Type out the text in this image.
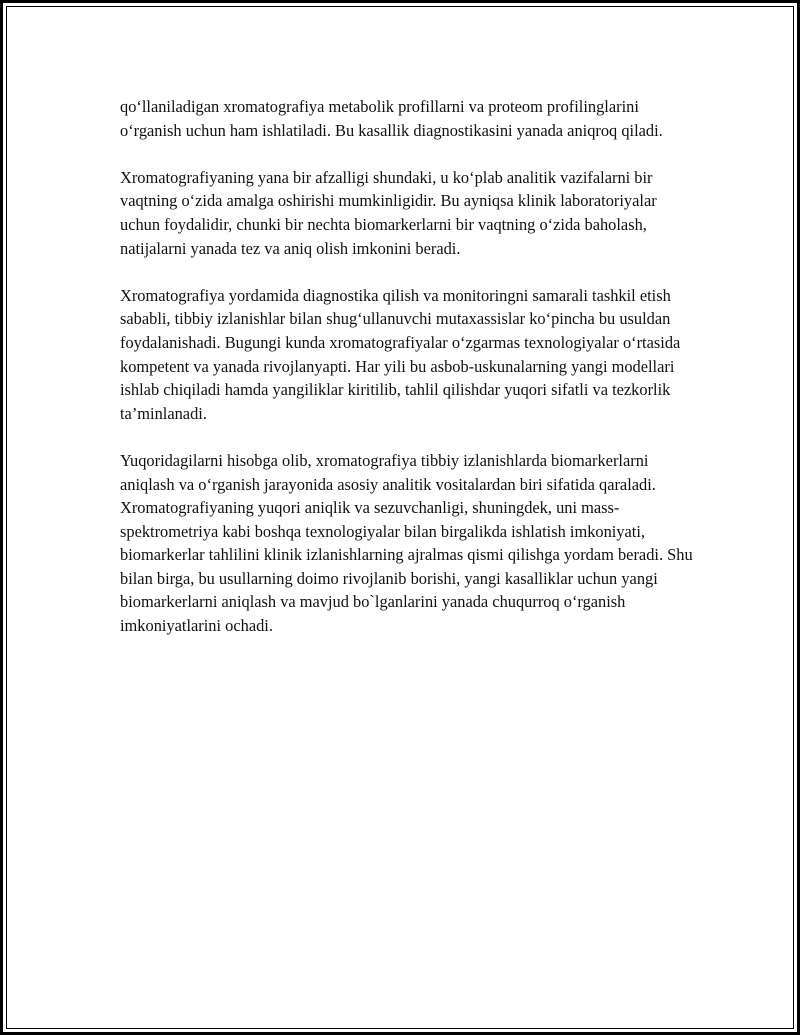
qo‘llaniladigan xromatografiya metabolik profillarni va proteom profilinglarini o‘rganish uchun ham ishlatiladi. Bu kasallik diagnostikasini yanada aniqroq qiladi.

Xromatografiyaning yana bir afzalligi shundaki, u ko‘plab analitik vazifalarni bir vaqtning o‘zida amalga oshirishi mumkinligidir. Bu ayniqsa klinik laboratoriyalar uchun foydalidir, chunki bir nechta biomarkerlarni bir vaqtning o‘zida baholash, natijalarni yanada tez va aniq olish imkonini beradi.

Xromatografiya yordamida diagnostika qilish va monitoringni samarali tashkil etish sababli, tibbiy izlanishlar bilan shug‘ullanuvchi mutaxassislar ko‘pincha bu usuldan foydalanishadi. Bugungi kunda xromatografiyalar o‘zgarmas texnologiyalar o‘rtasida kompetent va yanada rivojlanyapti. Har yili bu asbob-uskunalarning yangi modellari ishlab chiqiladi hamda yangiliklar kiritilib, tahlil qilishdar yuqori sifatli va tezkorlik ta’minlanadi.

Yuqoridagilarni hisobga olib, xromatografiya tibbiy izlanishlarda biomarkerlarni aniqlash va o‘rganish jarayonida asosiy analitik vositalardan biri sifatida qaraladi. Xromatografiyaning yuqori aniqlik va sezuvchanligi, shuningdek, uni mass-spektrometriya kabi boshqa texnologiyalar bilan birgalikda ishlatish imkoniyati, biomarkerlar tahlilini klinik izlanishlarning ajralmas qismi qilishga yordam beradi. Shu bilan birga, bu usullarning doimo rivojlanib borishi, yangi kasalliklar uchun yangi biomarkerlarni aniqlash va mavjud bo`lganlarini yanada chuqurroq o‘rganish imkoniyatlarini ochadi.
